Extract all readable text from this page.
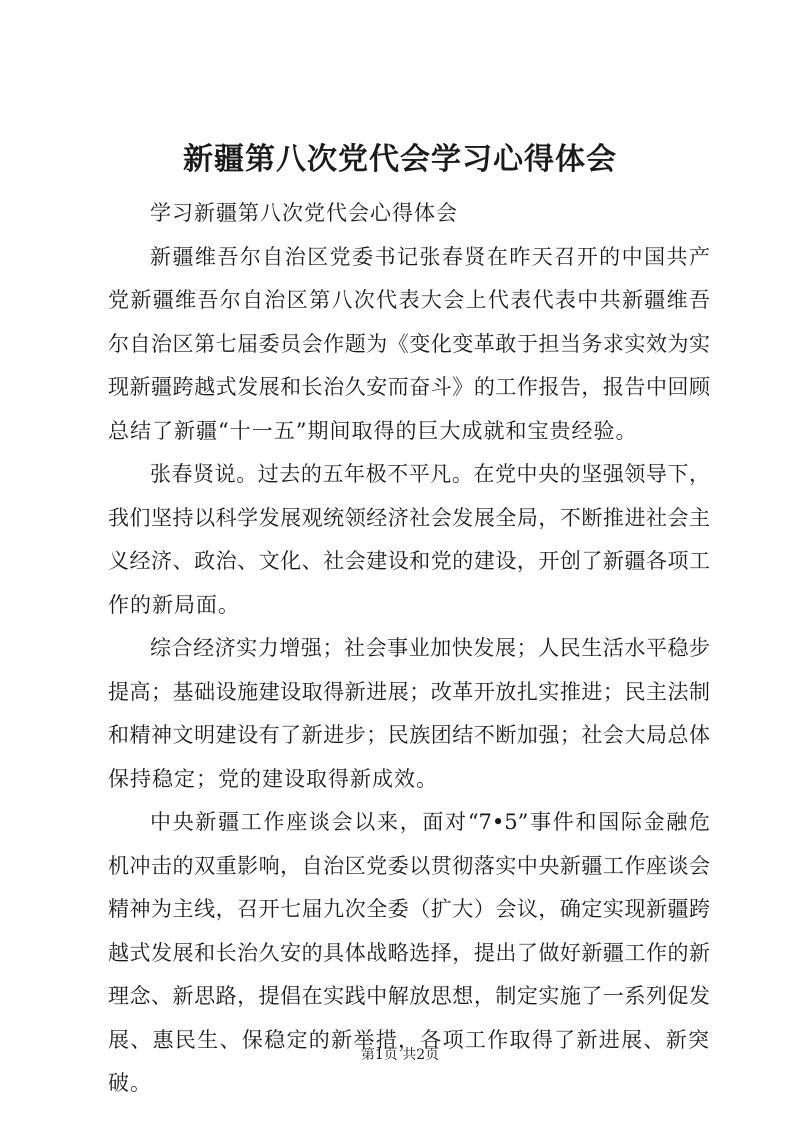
新疆第八次党代会学习心得体会
学习新疆第八次党代会心得体会
新疆维吾尔自治区党委书记张春贤在昨天召开的中国共产
党新疆维吾尔自治区第八次代表大会上代表代表中共新疆维吾
尔自治区第七届委员会作题为《变化变革敢于担当务求实效为实
现新疆跨越式发展和长治久安而奋斗》的工作报告，报告中回顾
总结了新疆“十一五”期间取得的巨大成就和宝贵经验。
张春贤说。过去的五年极不平凡。在党中央的坚强领导下，
我们坚持以科学发展观统领经济社会发展全局，不断推进社会主
义经济、政治、文化、社会建设和党的建设，开创了新疆各项工
作的新局面。
综合经济实力增强；社会事业加快发展；人民生活水平稳步
提高；基础设施建设取得新进展；改革开放扎实推进；民主法制
和精神文明建设有了新进步；民族团结不断加强；社会大局总体
保持稳定；党的建设取得新成效。
中央新疆工作座谈会以来，面对“7•5”事件和国际金融危
机冲击的双重影响，自治区党委以贯彻落实中央新疆工作座谈会
精神为主线，召开七届九次全委（扩大）会议，确定实现新疆跨
越式发展和长治久安的具体战略选择，提出了做好新疆工作的新
理念、新思路，提倡在实践中解放思想，制定实施了一系列促发
展、惠民生、保稳定的新举措，各项工作取得了新进展、新突破。
第1页 共2页
